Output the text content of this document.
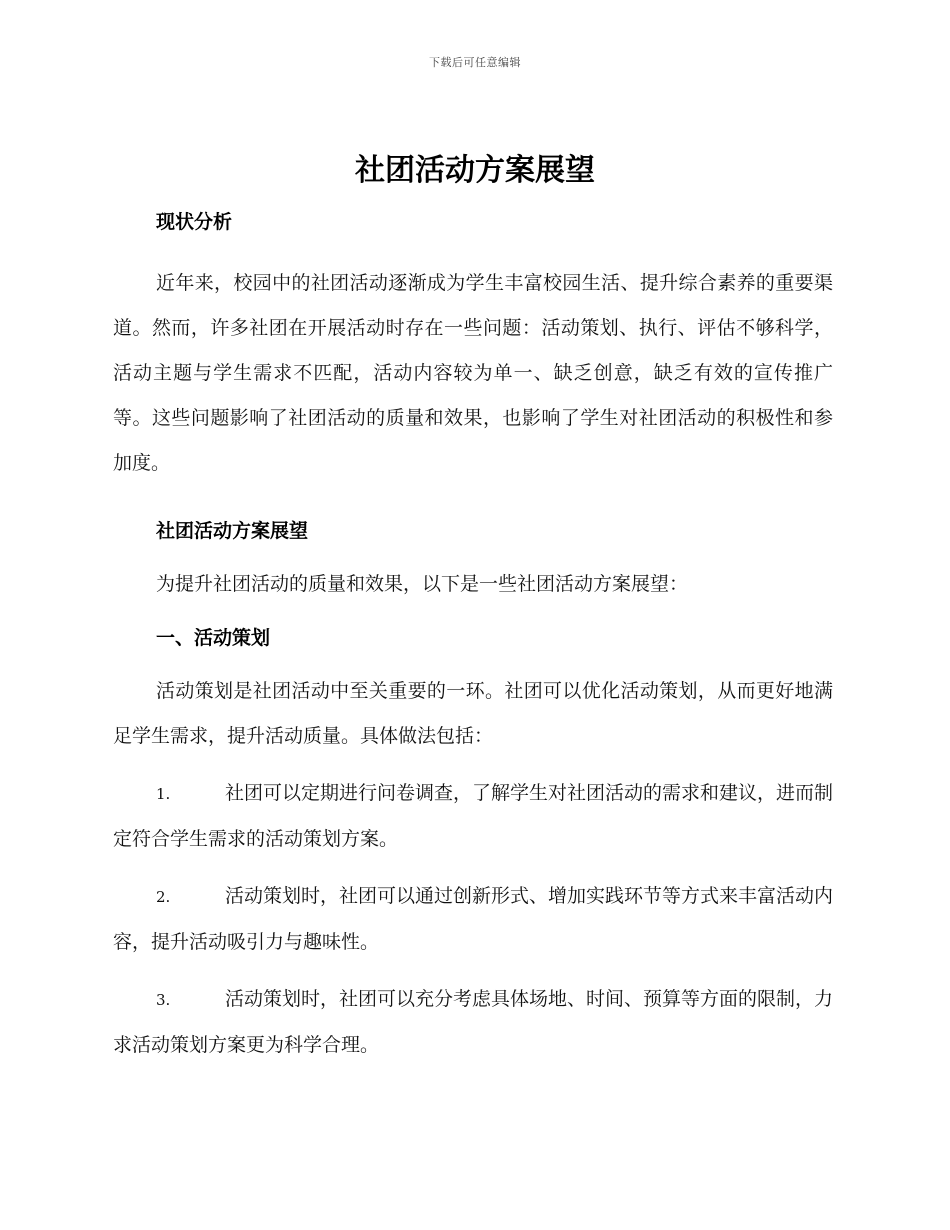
下载后可任意编辑
社团活动方案展望

现状分析

近年来，校园中的社团活动逐渐成为学生丰富校园生活、提升综合素养的重要渠道。然而，许多社团在开展活动时存在一些问题：活动策划、执行、评估不够科学，活动主题与学生需求不匹配，活动内容较为单一、缺乏创意，缺乏有效的宣传推广等。这些问题影响了社团活动的质量和效果，也影响了学生对社团活动的积极性和参加度。

社团活动方案展望

为提升社团活动的质量和效果，以下是一些社团活动方案展望：

一、活动策划

活动策划是社团活动中至关重要的一环。社团可以优化活动策划，从而更好地满足学生需求，提升活动质量。具体做法包括：

1.	社团可以定期进行问卷调查，了解学生对社团活动的需求和建议，进而制定符合学生需求的活动策划方案。

2.	活动策划时，社团可以通过创新形式、增加实践环节等方式来丰富活动内容，提升活动吸引力与趣味性。

3.	活动策划时，社团可以充分考虑具体场地、时间、预算等方面的限制，力求活动策划方案更为科学合理。
